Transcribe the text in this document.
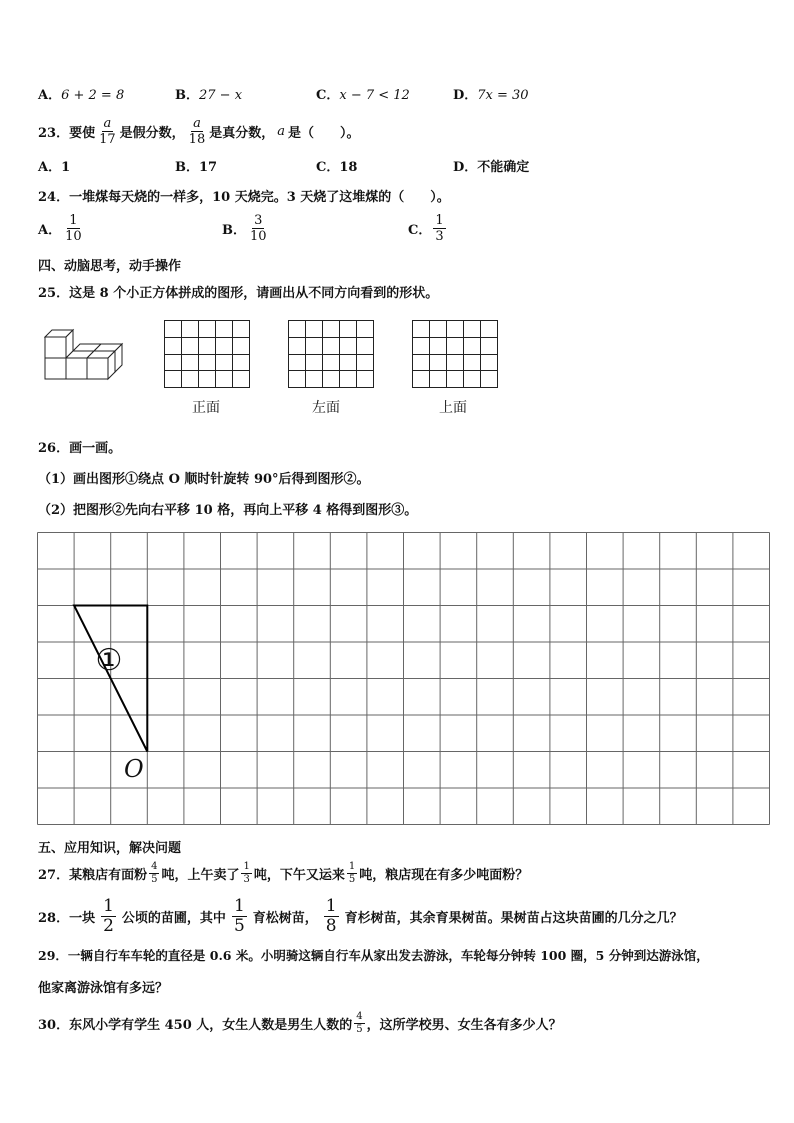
A．6 + 2 = 8	B．27 − x	C．x − 7 < 12	D．7x = 30
23． 要使 $\frac{a}{17}$ 是假分数， $\frac{a}{18}$ 是真分数， a 是（　　）。
A．1	B．17	C．18	D．不能确定
24．一堆煤每天烧的一样多，10 天烧完。3 天烧了这堆煤的（　　）。
A． $\frac{1}{10}$	B． $\frac{3}{10}$	C． $\frac{1}{3}$
四、动脑思考，动手操作
25．这是 8 个小正方体拼成的图形，请画出从不同方向看到的形状。
正面	左面	上面
26．画一画。
（1）画出图形①绕点 O 顺时针旋转 90°后得到图形②。
（2）把图形②先向右平移 10 格，再向上平移 4 格得到图形③。
①
O
五、应用知识，解决问题
27．某粮店有面粉 $\frac{4}{5}$ 吨，上午卖了 $\frac{1}{3}$ 吨，下午又运来 $\frac{1}{5}$ 吨，粮店现在有多少吨面粉？
28．一块 $\frac{1}{2}$ 公顷的苗圃，其中 $\frac{1}{5}$ 育松树苗， $\frac{1}{8}$ 育杉树苗，其余育果树苗。果树苗占这块苗圃的几分之几？
29．一辆自行车车轮的直径是 0.6 米。小明骑这辆自行车从家出发去游泳，车轮每分钟转 100 圈，5 分钟到达游泳馆，
他家离游泳馆有多远？
30．东风小学有学生 450 人，女生人数是男生人数的 $\frac{4}{5}$ ，这所学校男、女生各有多少人？
